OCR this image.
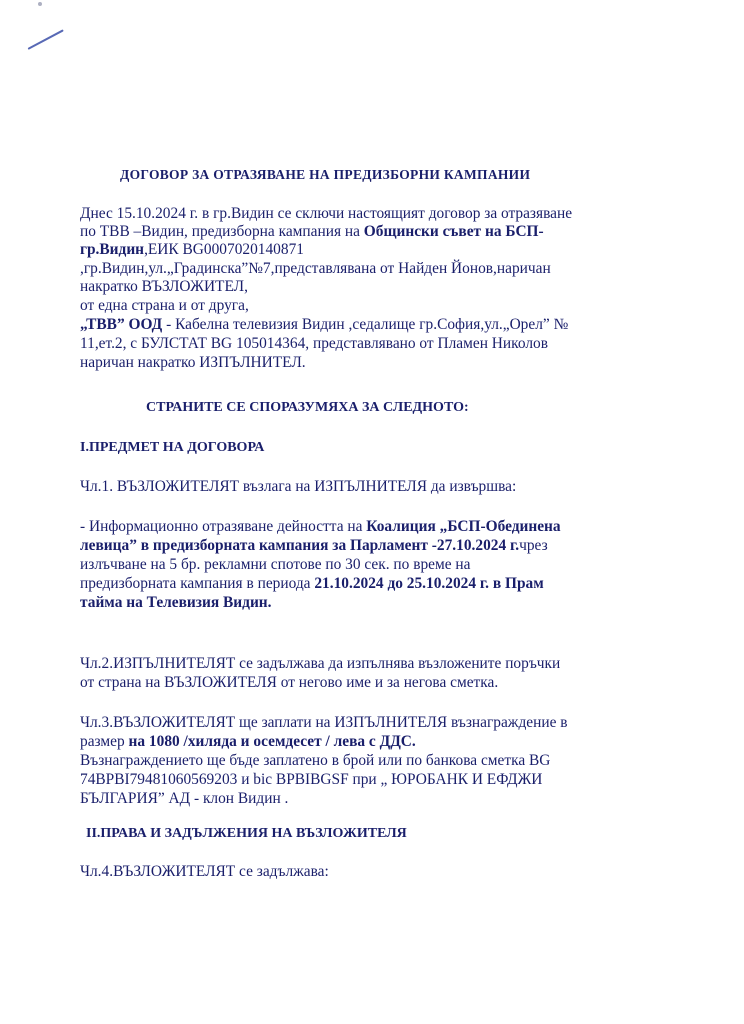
ДОГОВОР ЗА ОТРАЗЯВАНЕ НА ПРЕДИЗБОРНИ КАМПАНИИ
Днес 15.10.2024 г. в гр.Видин се сключи настоящият договор за отразяване
по ТВВ –Видин, предизборна кампания на Общински съвет на БСП-
гр.Видин,ЕИК BG0007020140871
,гр.Видин,ул.„Градинска”№7,представлявана от Найден Йонов,наричан
накратко ВЪЗЛОЖИТЕЛ,
от една страна и от друга,
„ТВВ” ООД - Кабелна телевизия Видин ,седалище гр.София,ул.„Орел” №
11,ет.2, с БУЛСТАТ BG 105014364, представлявано от Пламен Николов
наричан накратко ИЗПЪЛНИТЕЛ.
СТРАНИТЕ СЕ СПОРАЗУМЯХА ЗА СЛЕДНОТО:
I.ПРЕДМЕТ НА ДОГОВОРА
Чл.1. ВЪЗЛОЖИТЕЛЯТ възлага на ИЗПЪЛНИТЕЛЯ да извършва:
- Информационно отразяване дейността на Коалиция „БСП-Обединена
левица” в предизборната кампания за Парламент -27.10.2024 г.чрез
излъчване на 5 бр. рекламни спотове по 30 сек. по време на
предизборната кампания в периода 21.10.2024 до 25.10.2024 г. в Прам
тайма на Телевизия Видин.
Чл.2.ИЗПЪЛНИТЕЛЯТ се задължава да изпълнява възложените поръчки
от страна на ВЪЗЛОЖИТЕЛЯ от негово име и за негова сметка.
Чл.3.ВЪЗЛОЖИТЕЛЯТ ще заплати на ИЗПЪЛНИТЕЛЯ възнаграждение в
размер на 1080 /хиляда и осемдесет / лева с ДДС.
Възнаграждението ще бъде заплатено в брой или по банкова сметка BG
74BPBI79481060569203 и bic BPBIBGSF при „ ЮРОБАНК И ЕФДЖИ
БЪЛГАРИЯ” АД - клон Видин .
II.ПРАВА И ЗАДЪЛЖЕНИЯ НА ВЪЗЛОЖИТЕЛЯ
Чл.4.ВЪЗЛОЖИТЕЛЯТ се задължава:
